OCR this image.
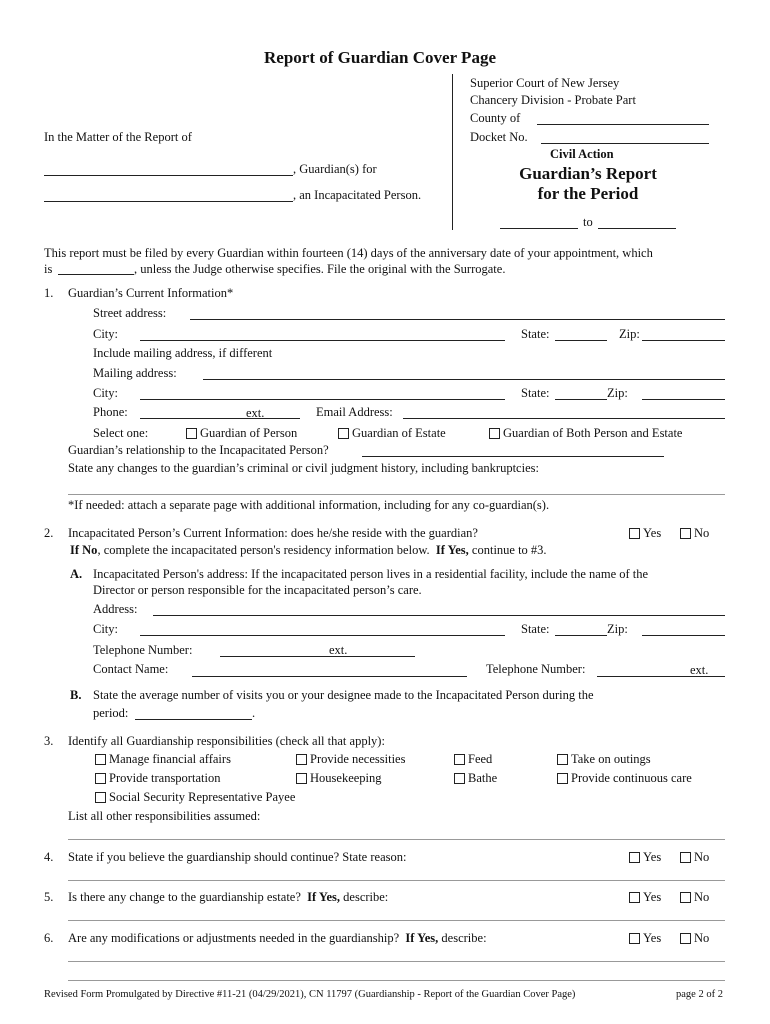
Report of Guardian Cover Page
Superior Court of New Jersey
Chancery Division - Probate Part
County of
Docket No.
Civil Action
Guardian’s Report
for the Period
to
In the Matter of the Report of
, Guardian(s) for
, an Incapacitated Person.
This report must be filed by every Guardian within fourteen (14) days of the anniversary date of your appointment, which
is	, unless the Judge otherwise specifies. File the original with the Surrogate.
1. Guardian’s Current Information*
Street address:
City:	State:	Zip:
Include mailing address, if different
Mailing address:
City:	State:	Zip:
Phone:	ext.	Email Address:
Select one:	Guardian of Person	Guardian of Estate	Guardian of Both Person and Estate
Guardian’s relationship to the Incapacitated Person?
State any changes to the guardian’s criminal or civil judgment history, including bankruptcies:
*If needed: attach a separate page with additional information, including for any co-guardian(s).
2. Incapacitated Person’s Current Information: does he/she reside with the guardian?	Yes	No
If No, complete the incapacitated person's residency information below.  If Yes, continue to #3.
A. Incapacitated Person's address: If the incapacitated person lives in a residential facility, include the name of the
Director or person responsible for the incapacitated person’s care.
Address:
City:	State:	Zip:
Telephone Number:	ext.
Contact Name:	Telephone Number:	ext.
B. State the average number of visits you or your designee made to the Incapacitated Person during the
period:	.
3. Identify all Guardianship responsibilities (check all that apply):
Manage financial affairs	Provide necessities	Feed	Take on outings
Provide transportation	Housekeeping	Bathe	Provide continuous care
Social Security Representative Payee
List all other responsibilities assumed:
4. State if you believe the guardianship should continue? State reason:	Yes	No
5. Is there any change to the guardianship estate?  If Yes, describe:	Yes	No
6. Are any modifications or adjustments needed in the guardianship?  If Yes, describe:	Yes	No
Revised Form Promulgated by Directive #11-21 (04/29/2021), CN 11797 (Guardianship - Report of the Guardian Cover Page)	page 2 of 2
